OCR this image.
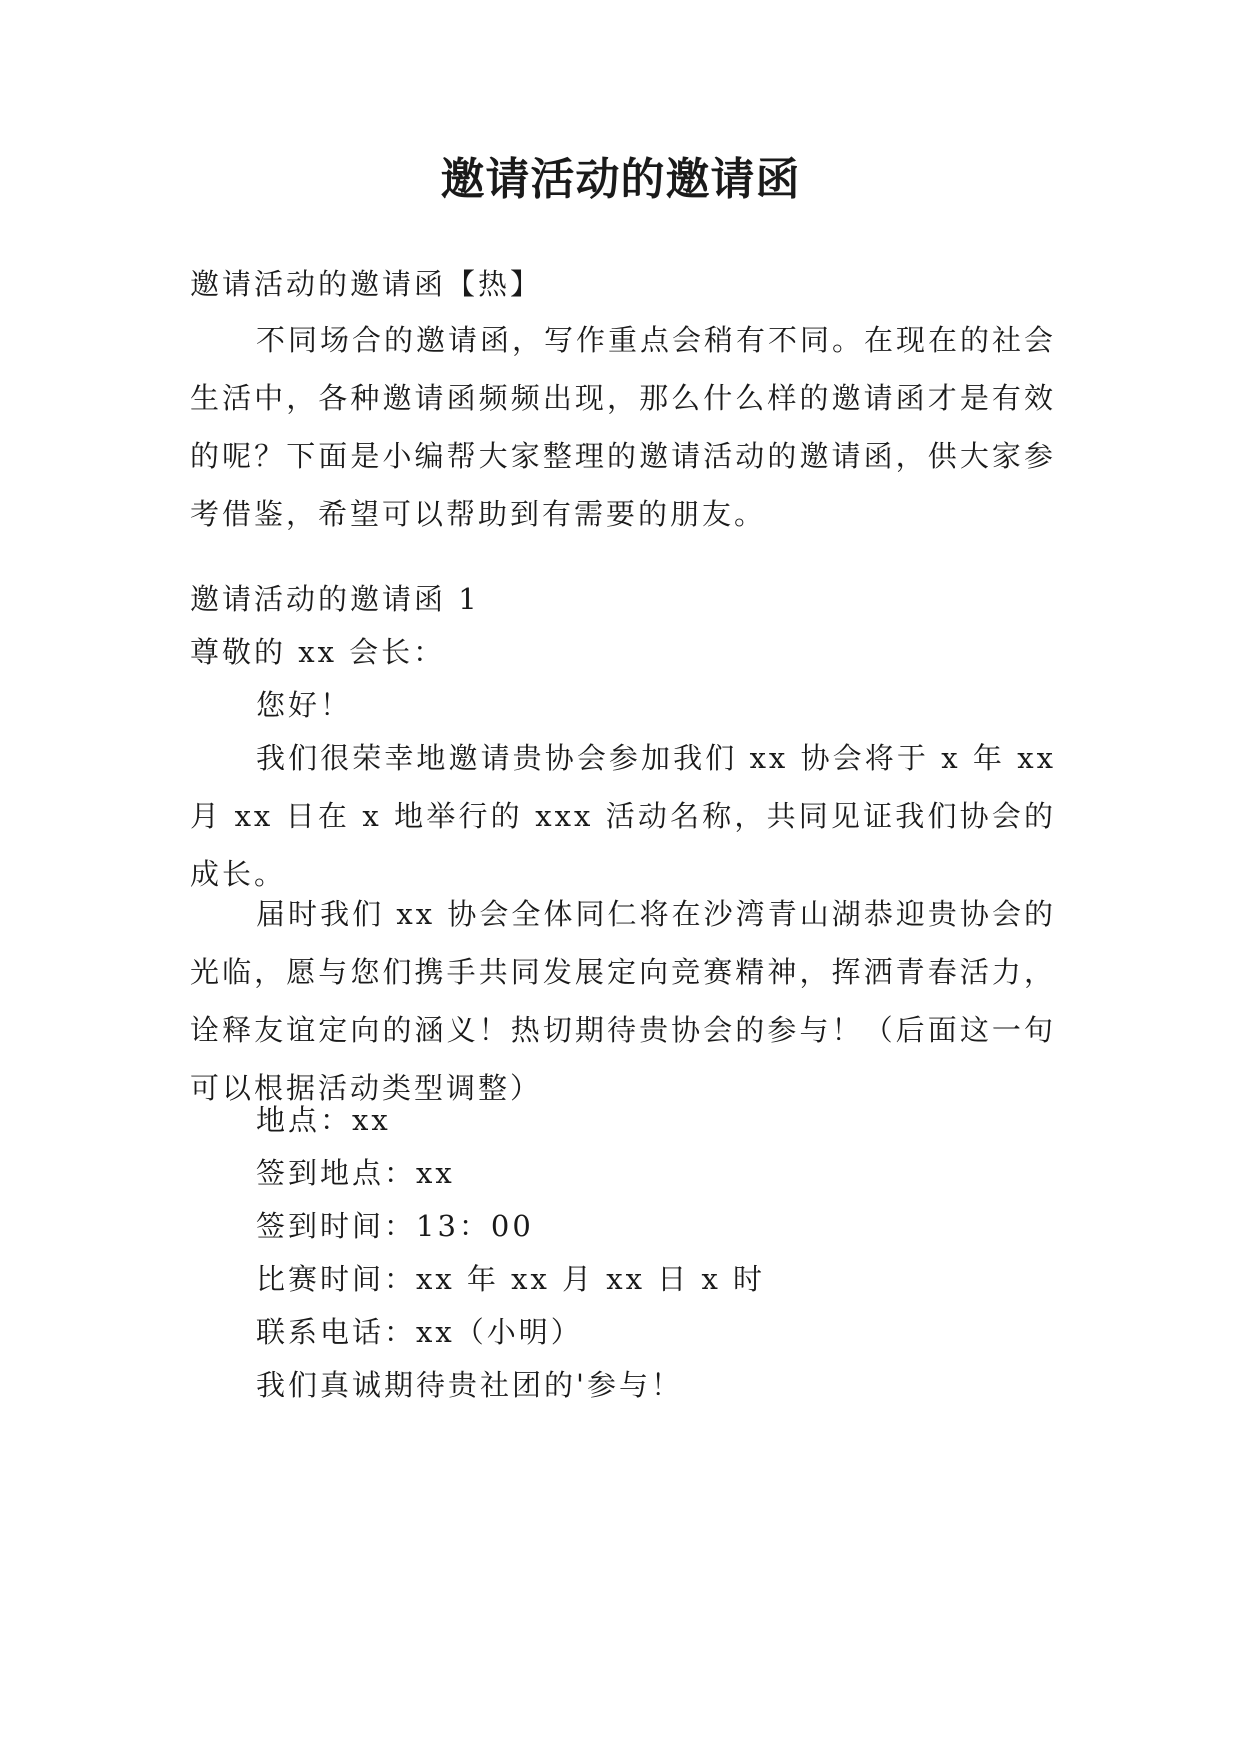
邀请活动的邀请函
邀请活动的邀请函【热】
不同场合的邀请函，写作重点会稍有不同。在现在的社会生活中，各种邀请函频频出现，那么什么样的邀请函才是有效的呢？下面是小编帮大家整理的邀请活动的邀请函，供大家参考借鉴，希望可以帮助到有需要的朋友。
邀请活动的邀请函 1
尊敬的 xx 会长：
您好！
我们很荣幸地邀请贵协会参加我们 xx 协会将于 x 年 xx 月 xx 日在 x 地举行的 xxx 活动名称，共同见证我们协会的成长。
届时我们 xx 协会全体同仁将在沙湾青山湖恭迎贵协会的光临，愿与您们携手共同发展定向竞赛精神，挥洒青春活力，诠释友谊定向的涵义！热切期待贵协会的参与！（后面这一句可以根据活动类型调整）
地点：xx
签到地点：xx
签到时间：13：00
比赛时间：xx 年 xx 月 xx 日 x 时
联系电话：xx（小明）
我们真诚期待贵社团的'参与！
